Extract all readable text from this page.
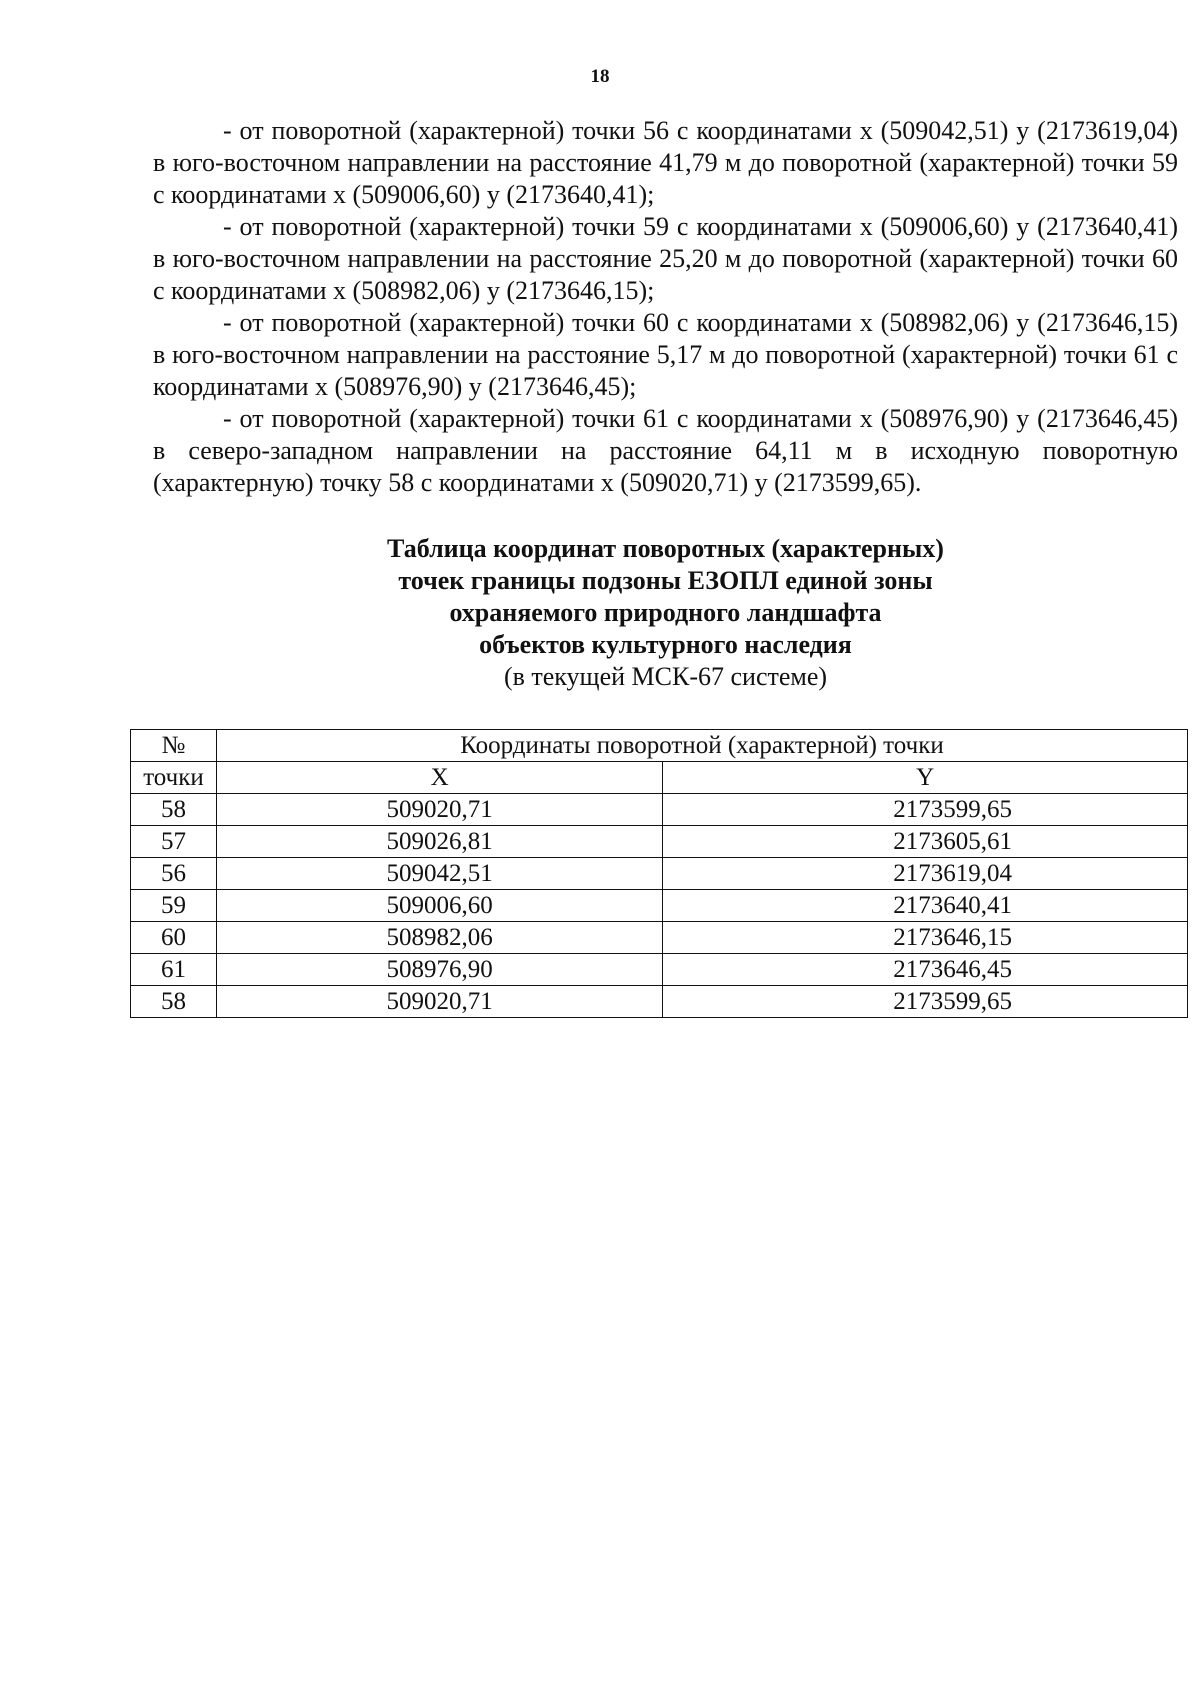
18

- от поворотной (характерной) точки 56 с координатами х (509042,51) у (2173619,04) в юго-восточном направлении на расстояние 41,79 м до поворотной (характерной) точки 59 с координатами х (509006,60) у (2173640,41);

- от поворотной (характерной) точки 59 с координатами х (509006,60) у (2173640,41) в юго-восточном направлении на расстояние 25,20 м до поворотной (характерной) точки 60 с координатами х (508982,06) у (2173646,15);

- от поворотной (характерной) точки 60 с координатами х (508982,06) у (2173646,15) в юго-восточном направлении на расстояние 5,17 м до поворотной (характерной) точки 61 с координатами х (508976,90) у (2173646,45);

- от поворотной (характерной) точки 61 с координатами х (508976,90) у (2173646,45) в северо-западном направлении на расстояние 64,11 м в исходную поворотную (характерную) точку 58 с координатами х (509020,71) у (2173599,65).

Таблица координат поворотных (характерных)
точек границы подзоны ЕЗОПЛ единой зоны
охраняемого природного ландшафта
объектов культурного наследия
(в текущей МСК-67 системе)
№	Координаты поворотной (характерной) точки	
точки	X	Y
58	509020,71	2173599,65
57	509026,81	2173605,61
56	509042,51	2173619,04
59	509006,60	2173640,41
60	508982,06	2173646,15
61	508976,90	2173646,45
58	509020,71	2173599,65
